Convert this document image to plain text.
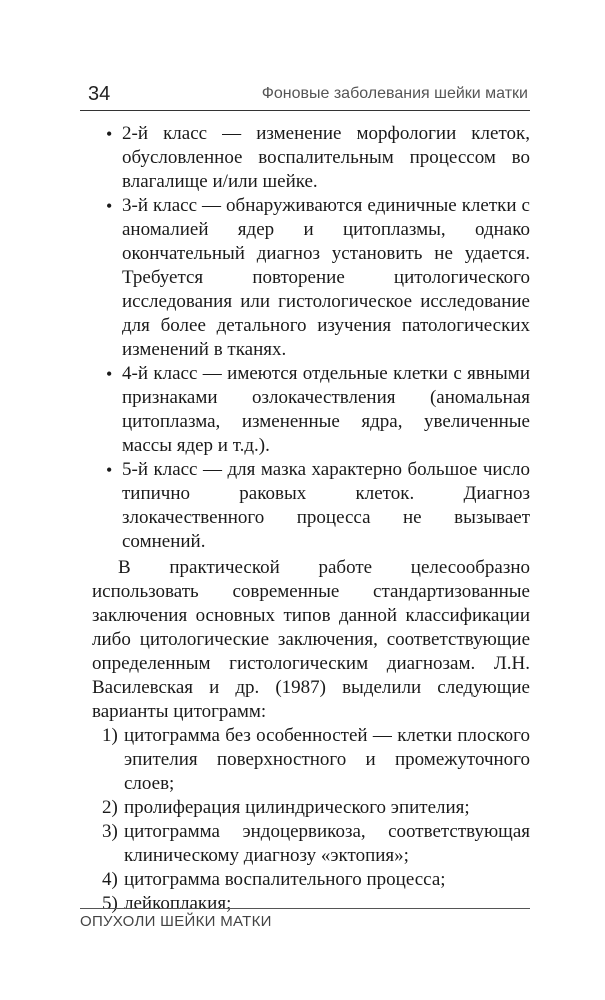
34	Фоновые заболевания шейки матки
• 2-й класс — изменение морфологии клеток, обусловленное воспалительным процессом во влагалище и/или шейке.
• 3-й класс — обнаруживаются единичные клетки с аномалией ядер и цитоплазмы, однако окончательный диагноз установить не удается. Требуется повторение цитологического исследования или гистологическое исследование для более детального изучения патологических изменений в тканях.
• 4-й класс — имеются отдельные клетки с явными признаками озлокачествления (аномальная цитоплазма, измененные ядра, увеличенные массы ядер и т.д.).
• 5-й класс — для мазка характерно большое число типично раковых клеток. Диагноз злокачественного процесса не вызывает сомнений.

В практической работе целесообразно использовать современные стандартизованные заключения основных типов данной классификации либо цитологические заключения, соответствующие определенным гистологическим диагнозам. Л.Н. Василевская и др. (1987) выделили следующие варианты цитограмм:

1) цитограмма без особенностей — клетки плоского эпителия поверхностного и промежуточного слоев;
2) пролиферация цилиндрического эпителия;
3) цитограмма эндоцервикоза, соответствующая клиническому диагнозу «эктопия»;
4) цитограмма воспалительного процесса;
5) лейкоплакия;
ОПУХОЛИ ШЕЙКИ МАТКИ
